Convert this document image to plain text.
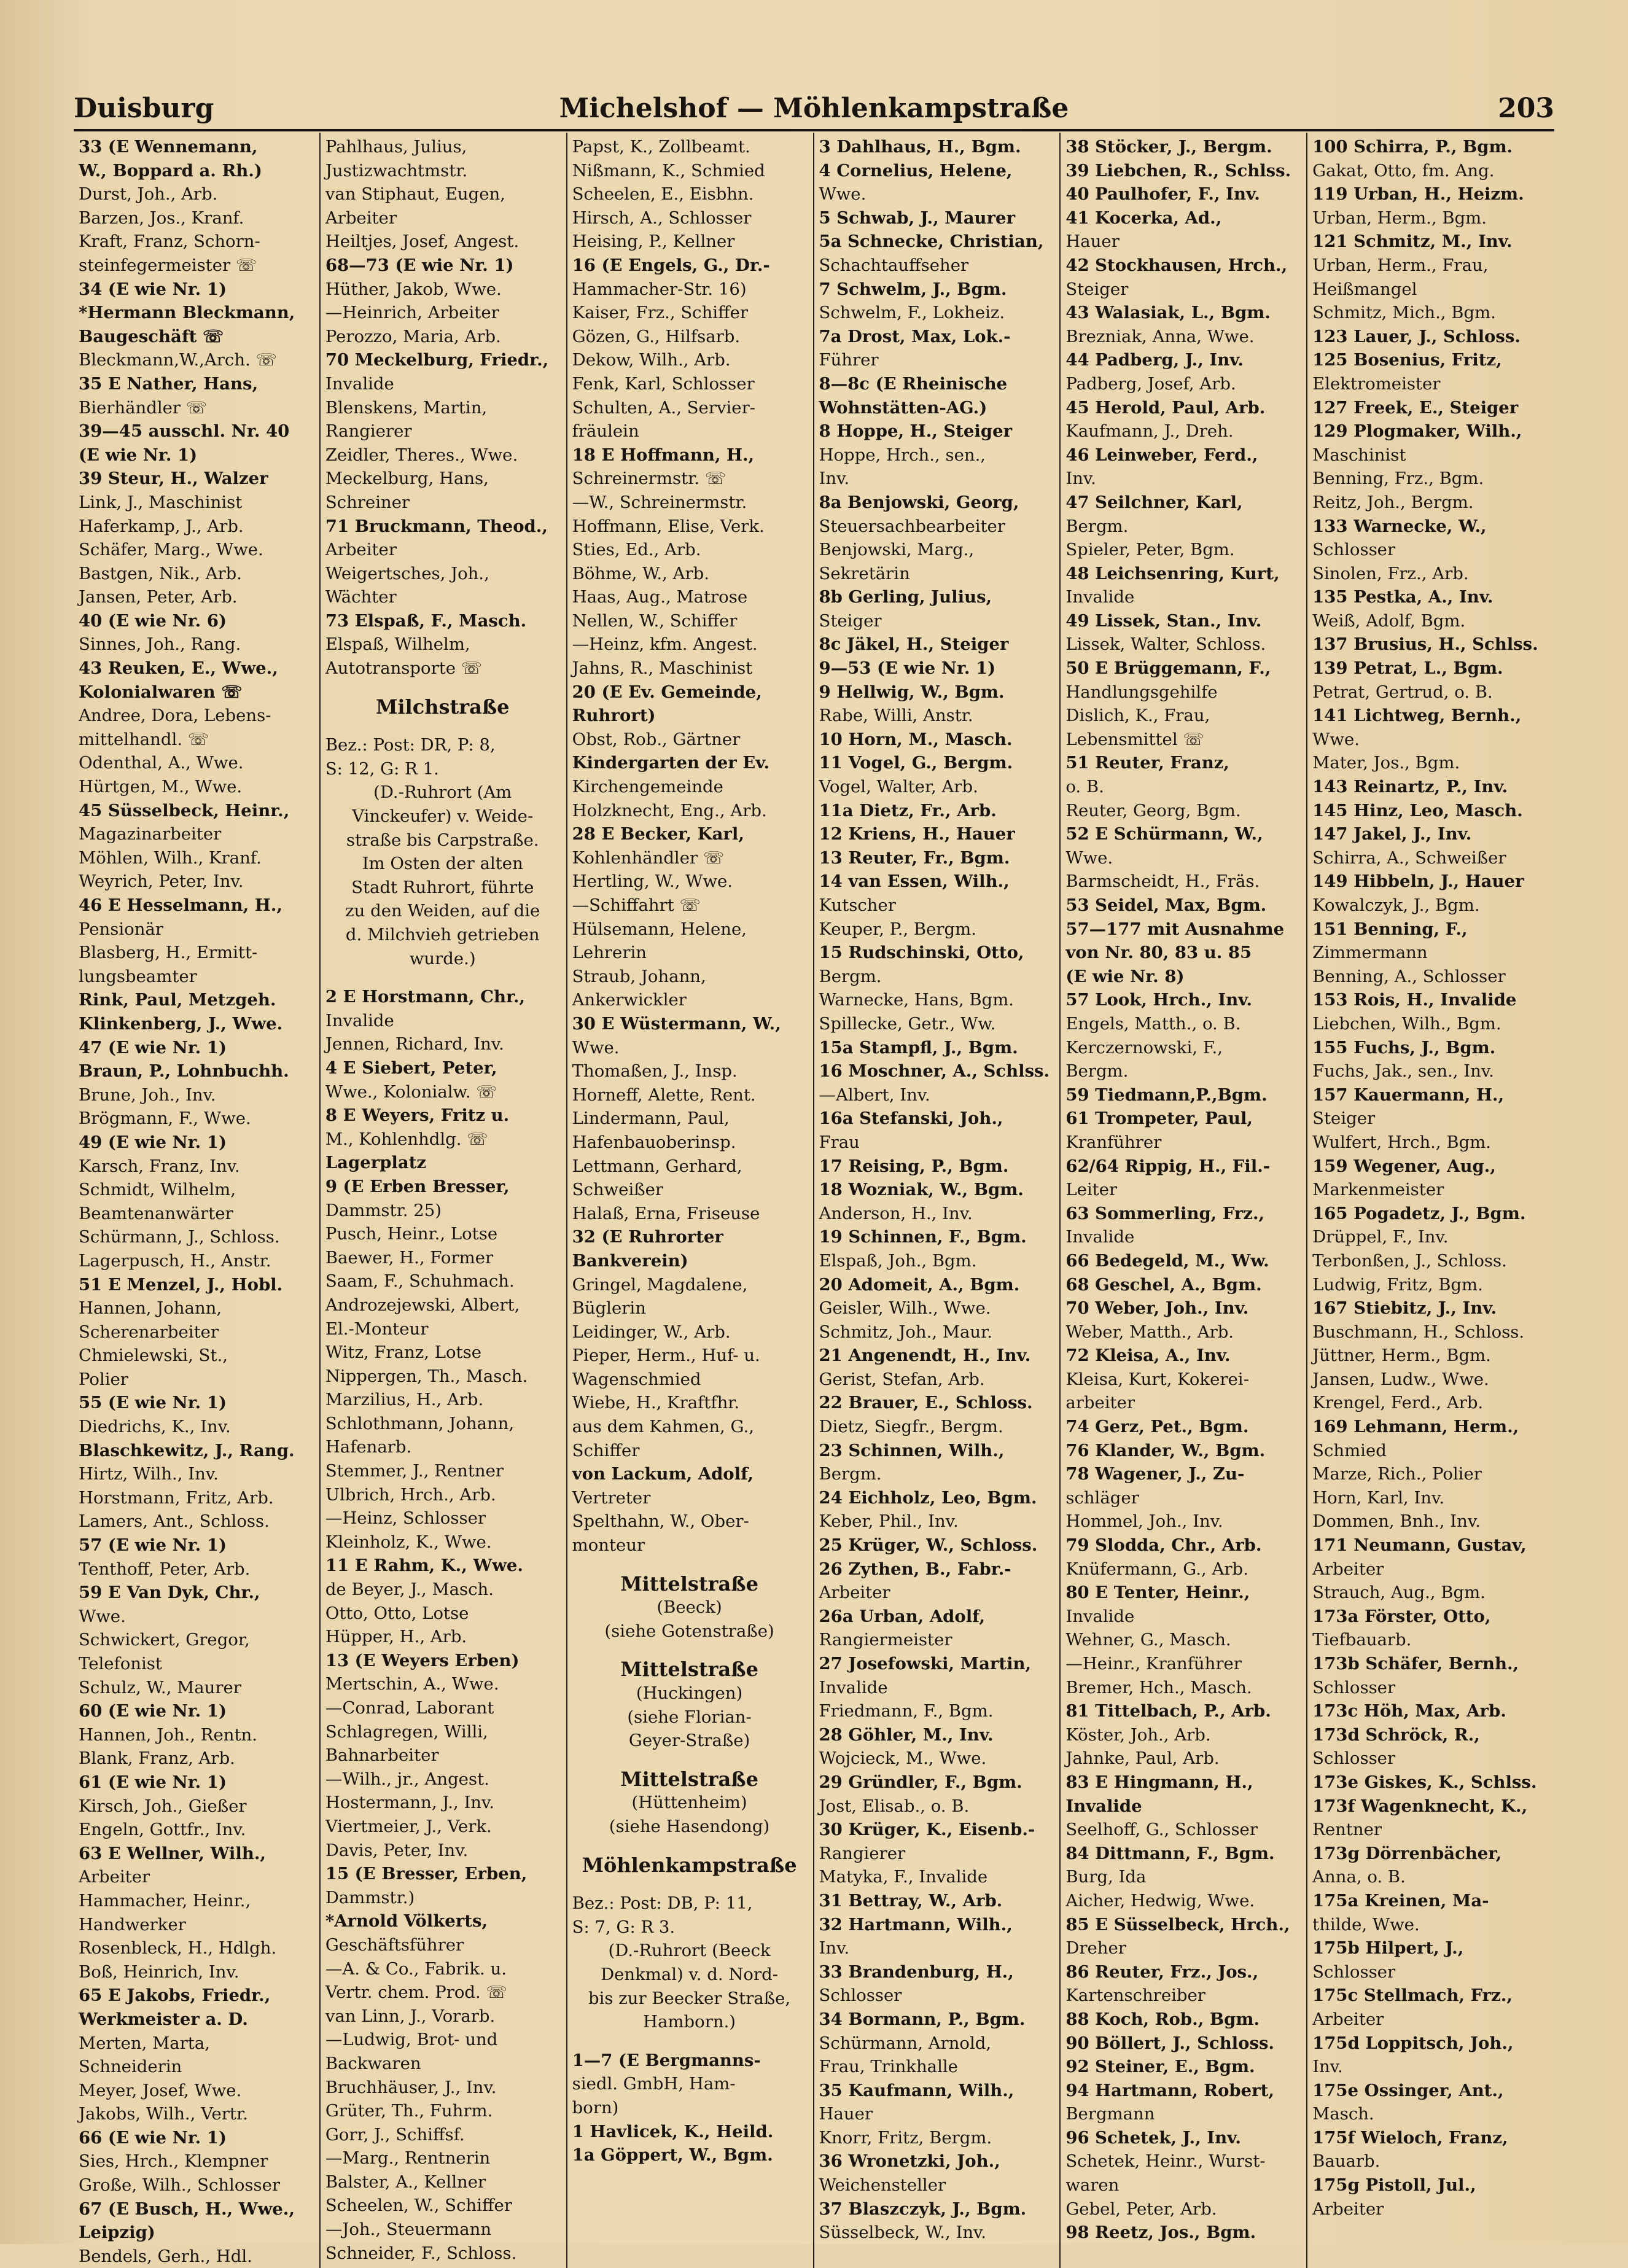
Duisburg	Michelshof — Möhlenkampstraße	203
33 (E Wennemann,
W., Boppard a. Rh.)
Durst, Joh., Arb.
Barzen, Jos., Kranf.
Kraft, Franz, Schorn-
steinfegermeister ☏
34 (E wie Nr. 1)
*Hermann Bleckmann,
Baugeschäft ☏
Bleckmann,W.,Arch. ☏
35 E Nather, Hans,
Bierhändler ☏
39—45 ausschl. Nr. 40
(E wie Nr. 1)
39 Steur, H., Walzer
Link, J., Maschinist
Haferkamp, J., Arb.
Schäfer, Marg., Wwe.
Bastgen, Nik., Arb.
Jansen, Peter, Arb.
40 (E wie Nr. 6)
Sinnes, Joh., Rang.
43 Reuken, E., Wwe.,
Kolonialwaren ☏
Andree, Dora, Lebens-
mittelhandl. ☏
Odenthal, A., Wwe.
Hürtgen, M., Wwe.
45 Süsselbeck, Heinr.,
Magazinarbeiter
Möhlen, Wilh., Kranf.
Weyrich, Peter, Inv.
46 E Hesselmann, H.,
Pensionär
Blasberg, H., Ermitt-
lungsbeamter
Rink, Paul, Metzgeh.
Klinkenberg, J., Wwe.
47 (E wie Nr. 1)
Braun, P., Lohnbuchh.
Brune, Joh., Inv.
Brögmann, F., Wwe.
49 (E wie Nr. 1)
Karsch, Franz, Inv.
Schmidt, Wilhelm,
Beamtenanwärter
Schürmann, J., Schloss.
Lagerpusch, H., Anstr.
51 E Menzel, J., Hobl.
Hannen, Johann,
Scherenarbeiter
Chmielewski, St.,
Polier
55 (E wie Nr. 1)
Diedrichs, K., Inv.
Blaschkewitz, J., Rang.
Hirtz, Wilh., Inv.
Horstmann, Fritz, Arb.
Lamers, Ant., Schloss.
57 (E wie Nr. 1)
Tenthoff, Peter, Arb.
59 E Van Dyk, Chr.,
Wwe.
Schwickert, Gregor,
Telefonist
Schulz, W., Maurer
60 (E wie Nr. 1)
Hannen, Joh., Rentn.
Blank, Franz, Arb.
61 (E wie Nr. 1)
Kirsch, Joh., Gießer
Engeln, Gottfr., Inv.
63 E Wellner, Wilh.,
Arbeiter
Hammacher, Heinr.,
Handwerker
Rosenbleck, H., Hdlgh.
Boß, Heinrich, Inv.
65 E Jakobs, Friedr.,
Werkmeister a. D.
Merten, Marta,
Schneiderin
Meyer, Josef, Wwe.
Jakobs, Wilh., Vertr.
66 (E wie Nr. 1)
Sies, Hrch., Klempner
Große, Wilh., Schlosser
67 (E Busch, H., Wwe.,
Leipzig)
Bendels, Gerh., Hdl.
Pahlhaus, Julius,
Justizwachtmstr.
van Stiphaut, Eugen,
Arbeiter
Heiltjes, Josef, Angest.
68—73 (E wie Nr. 1)
Hüther, Jakob, Wwe.
—Heinrich, Arbeiter
Perozzo, Maria, Arb.
70 Meckelburg, Friedr.,
Invalide
Blenskens, Martin,
Rangierer
Zeidler, Theres., Wwe.
Meckelburg, Hans,
Schreiner
71 Bruckmann, Theod.,
Arbeiter
Weigertsches, Joh.,
Wächter
73 Elspaß, F., Masch.
Elspaß, Wilhelm,
Autotransporte ☏
Milchstraße
Bez.: Post: DR, P: 8,
S: 12, G: R 1.
(D.-Ruhrort (Am
Vinckeufer) v. Weide-
straße bis Carpstraße.
Im Osten der alten
Stadt Ruhrort, führte
zu den Weiden, auf die
d. Milchvieh getrieben
wurde.)
2 E Horstmann, Chr.,
Invalide
Jennen, Richard, Inv.
4 E Siebert, Peter,
Wwe., Kolonialw. ☏
8 E Weyers, Fritz u.
M., Kohlenhdlg. ☏
Lagerplatz
9 (E Erben Bresser,
Dammstr. 25)
Pusch, Heinr., Lotse
Baewer, H., Former
Saam, F., Schuhmach.
Androzejewski, Albert,
El.-Monteur
Witz, Franz, Lotse
Nippergen, Th., Masch.
Marzilius, H., Arb.
Schlothmann, Johann,
Hafenarb.
Stemmer, J., Rentner
Ulbrich, Hrch., Arb.
—Heinz, Schlosser
Kleinholz, K., Wwe.
11 E Rahm, K., Wwe.
de Beyer, J., Masch.
Otto, Otto, Lotse
Hüpper, H., Arb.
13 (E Weyers Erben)
Mertschin, A., Wwe.
—Conrad, Laborant
Schlagregen, Willi,
Bahnarbeiter
—Wilh., jr., Angest.
Hostermann, J., Inv.
Viertmeier, J., Verk.
Davis, Peter, Inv.
15 (E Bresser, Erben,
Dammstr.)
*Arnold Völkerts,
Geschäftsführer
—A. & Co., Fabrik. u.
Vertr. chem. Prod. ☏
van Linn, J., Vorarb.
—Ludwig, Brot- und
Backwaren
Bruchhäuser, J., Inv.
Grüter, Th., Fuhrm.
Gorr, J., Schiffsf.
—Marg., Rentnerin
Balster, A., Kellner
Scheelen, W., Schiffer
—Joh., Steuermann
Schneider, F., Schloss.
Papst, K., Zollbeamt.
Nißmann, K., Schmied
Scheelen, E., Eisbhn.
Hirsch, A., Schlosser
Heising, P., Kellner
16 (E Engels, G., Dr.-
Hammacher-Str. 16)
Kaiser, Frz., Schiffer
Gözen, G., Hilfsarb.
Dekow, Wilh., Arb.
Fenk, Karl, Schlosser
Schulten, A., Servier-
fräulein
18 E Hoffmann, H.,
Schreinermstr. ☏
—W., Schreinermstr.
Hoffmann, Elise, Verk.
Sties, Ed., Arb.
Böhme, W., Arb.
Haas, Aug., Matrose
Nellen, W., Schiffer
—Heinz, kfm. Angest.
Jahns, R., Maschinist
20 (E Ev. Gemeinde,
Ruhrort)
Obst, Rob., Gärtner
Kindergarten der Ev.
Kirchengemeinde
Holzknecht, Eng., Arb.
28 E Becker, Karl,
Kohlenhändler ☏
Hertling, W., Wwe.
—Schiffahrt ☏
Hülsemann, Helene,
Lehrerin
Straub, Johann,
Ankerwickler
30 E Wüstermann, W.,
Wwe.
Thomaßen, J., Insp.
Horneff, Alette, Rent.
Lindermann, Paul,
Hafenbauoberinsp.
Lettmann, Gerhard,
Schweißer
Halaß, Erna, Friseuse
32 (E Ruhrorter
Bankverein)
Gringel, Magdalene,
Büglerin
Leidinger, W., Arb.
Pieper, Herm., Huf- u.
Wagenschmied
Wiebe, H., Kraftfhr.
aus dem Kahmen, G.,
Schiffer
von Lackum, Adolf,
Vertreter
Spelthahn, W., Ober-
monteur
Mittelstraße
(Beeck)
(siehe Gotenstraße)
Mittelstraße
(Huckingen)
(siehe Florian-
Geyer-Straße)
Mittelstraße
(Hüttenheim)
(siehe Hasendong)
Möhlenkampstraße
Bez.: Post: DB, P: 11,
S: 7, G: R 3.
(D.-Ruhrort (Beeck
Denkmal) v. d. Nord-
bis zur Beecker Straße,
Hamborn.)
1—7 (E Bergmanns-
siedl. GmbH, Ham-
born)
1 Havlicek, K., Heild.
1a Göppert, W., Bgm.
3 Dahlhaus, H., Bgm.
4 Cornelius, Helene,
Wwe.
5 Schwab, J., Maurer
5a Schnecke, Christian,
Schachtauffseher
7 Schwelm, J., Bgm.
Schwelm, F., Lokheiz.
7a Drost, Max, Lok.-
Führer
8—8c (E Rheinische
Wohnstätten-AG.)
8 Hoppe, H., Steiger
Hoppe, Hrch., sen.,
Inv.
8a Benjowski, Georg,
Steuersachbearbeiter
Benjowski, Marg.,
Sekretärin
8b Gerling, Julius,
Steiger
8c Jäkel, H., Steiger
9—53 (E wie Nr. 1)
9 Hellwig, W., Bgm.
Rabe, Willi, Anstr.
10 Horn, M., Masch.
11 Vogel, G., Bergm.
Vogel, Walter, Arb.
11a Dietz, Fr., Arb.
12 Kriens, H., Hauer
13 Reuter, Fr., Bgm.
14 van Essen, Wilh.,
Kutscher
Keuper, P., Bergm.
15 Rudschinski, Otto,
Bergm.
Warnecke, Hans, Bgm.
Spillecke, Getr., Ww.
15a Stampfl, J., Bgm.
16 Moschner, A., Schlss.
—Albert, Inv.
16a Stefanski, Joh.,
Frau
17 Reising, P., Bgm.
18 Wozniak, W., Bgm.
Anderson, H., Inv.
19 Schinnen, F., Bgm.
Elspaß, Joh., Bgm.
20 Adomeit, A., Bgm.
Geisler, Wilh., Wwe.
Schmitz, Joh., Maur.
21 Angenendt, H., Inv.
Gerist, Stefan, Arb.
22 Brauer, E., Schloss.
Dietz, Siegfr., Bergm.
23 Schinnen, Wilh.,
Bergm.
24 Eichholz, Leo, Bgm.
Keber, Phil., Inv.
25 Krüger, W., Schloss.
26 Zythen, B., Fabr.-
Arbeiter
26a Urban, Adolf,
Rangiermeister
27 Josefowski, Martin,
Invalide
Friedmann, F., Bgm.
28 Göhler, M., Inv.
Wojcieck, M., Wwe.
29 Gründler, F., Bgm.
Jost, Elisab., o. B.
30 Krüger, K., Eisenb.-
Rangierer
Matyka, F., Invalide
31 Bettray, W., Arb.
32 Hartmann, Wilh.,
Inv.
33 Brandenburg, H.,
Schlosser
34 Bormann, P., Bgm.
Schürmann, Arnold,
Frau, Trinkhalle
35 Kaufmann, Wilh.,
Hauer
Knorr, Fritz, Bergm.
36 Wronetzki, Joh.,
Weichensteller
37 Blaszczyk, J., Bgm.
Süsselbeck, W., Inv.
38 Stöcker, J., Bergm.
39 Liebchen, R., Schlss.
40 Paulhofer, F., Inv.
41 Kocerka, Ad.,
Hauer
42 Stockhausen, Hrch.,
Steiger
43 Walasiak, L., Bgm.
Brezniak, Anna, Wwe.
44 Padberg, J., Inv.
Padberg, Josef, Arb.
45 Herold, Paul, Arb.
Kaufmann, J., Dreh.
46 Leinweber, Ferd.,
Inv.
47 Seilchner, Karl,
Bergm.
Spieler, Peter, Bgm.
48 Leichsenring, Kurt,
Invalide
49 Lissek, Stan., Inv.
Lissek, Walter, Schloss.
50 E Brüggemann, F.,
Handlungsgehilfe
Dislich, K., Frau,
Lebensmittel ☏
51 Reuter, Franz,
o. B.
Reuter, Georg, Bgm.
52 E Schürmann, W.,
Wwe.
Barmscheidt, H., Fräs.
53 Seidel, Max, Bgm.
57—177 mit Ausnahme
von Nr. 80, 83 u. 85
(E wie Nr. 8)
57 Look, Hrch., Inv.
Engels, Matth., o. B.
Kerczernowski, F.,
Bergm.
59 Tiedmann,P.,Bgm.
61 Trompeter, Paul,
Kranführer
62/64 Rippig, H., Fil.-
Leiter
63 Sommerling, Frz.,
Invalide
66 Bedegeld, M., Ww.
68 Geschel, A., Bgm.
70 Weber, Joh., Inv.
Weber, Matth., Arb.
72 Kleisa, A., Inv.
Kleisa, Kurt, Kokerei-
arbeiter
74 Gerz, Pet., Bgm.
76 Klander, W., Bgm.
78 Wagener, J., Zu-
schläger
Hommel, Joh., Inv.
79 Slodda, Chr., Arb.
Knüfermann, G., Arb.
80 E Tenter, Heinr.,
Invalide
Wehner, G., Masch.
—Heinr., Kranführer
Bremer, Hch., Masch.
81 Tittelbach, P., Arb.
Köster, Joh., Arb.
Jahnke, Paul, Arb.
83 E Hingmann, H.,
Invalide
Seelhoff, G., Schlosser
84 Dittmann, F., Bgm.
Burg, Ida
Aicher, Hedwig, Wwe.
85 E Süsselbeck, Hrch.,
Dreher
86 Reuter, Frz., Jos.,
Kartenschreiber
88 Koch, Rob., Bgm.
90 Böllert, J., Schloss.
92 Steiner, E., Bgm.
94 Hartmann, Robert,
Bergmann
96 Schetek, J., Inv.
Schetek, Heinr., Wurst-
waren
Gebel, Peter, Arb.
98 Reetz, Jos., Bgm.
100 Schirra, P., Bgm.
Gakat, Otto, fm. Ang.
119 Urban, H., Heizm.
Urban, Herm., Bgm.
121 Schmitz, M., Inv.
Urban, Herm., Frau,
Heißmangel
Schmitz, Mich., Bgm.
123 Lauer, J., Schloss.
125 Bosenius, Fritz,
Elektromeister
127 Freek, E., Steiger
129 Plogmaker, Wilh.,
Maschinist
Benning, Frz., Bgm.
Reitz, Joh., Bergm.
133 Warnecke, W.,
Schlosser
Sinolen, Frz., Arb.
135 Pestka, A., Inv.
Weiß, Adolf, Bgm.
137 Brusius, H., Schlss.
139 Petrat, L., Bgm.
Petrat, Gertrud, o. B.
141 Lichtweg, Bernh.,
Wwe.
Mater, Jos., Bgm.
143 Reinartz, P., Inv.
145 Hinz, Leo, Masch.
147 Jakel, J., Inv.
Schirra, A., Schweißer
149 Hibbeln, J., Hauer
Kowalczyk, J., Bgm.
151 Benning, F.,
Zimmermann
Benning, A., Schlosser
153 Rois, H., Invalide
Liebchen, Wilh., Bgm.
155 Fuchs, J., Bgm.
Fuchs, Jak., sen., Inv.
157 Kauermann, H.,
Steiger
Wulfert, Hrch., Bgm.
159 Wegener, Aug.,
Markenmeister
165 Pogadetz, J., Bgm.
Drüppel, F., Inv.
Terbonßen, J., Schloss.
Ludwig, Fritz, Bgm.
167 Stiebitz, J., Inv.
Buschmann, H., Schloss.
Jüttner, Herm., Bgm.
Jansen, Ludw., Wwe.
Krengel, Ferd., Arb.
169 Lehmann, Herm.,
Schmied
Marze, Rich., Polier
Horn, Karl, Inv.
Dommen, Bnh., Inv.
171 Neumann, Gustav,
Arbeiter
Strauch, Aug., Bgm.
173a Förster, Otto,
Tiefbauarb.
173b Schäfer, Bernh.,
Schlosser
173c Höh, Max, Arb.
173d Schröck, R.,
Schlosser
173e Giskes, K., Schlss.
173f Wagenknecht, K.,
Rentner
173g Dörrenbächer,
Anna, o. B.
175a Kreinen, Ma-
thilde, Wwe.
175b Hilpert, J.,
Schlosser
175c Stellmach, Frz.,
Arbeiter
175d Loppitsch, Joh.,
Inv.
175e Ossinger, Ant.,
Masch.
175f Wieloch, Franz,
Bauarb.
175g Pistoll, Jul.,
Arbeiter
